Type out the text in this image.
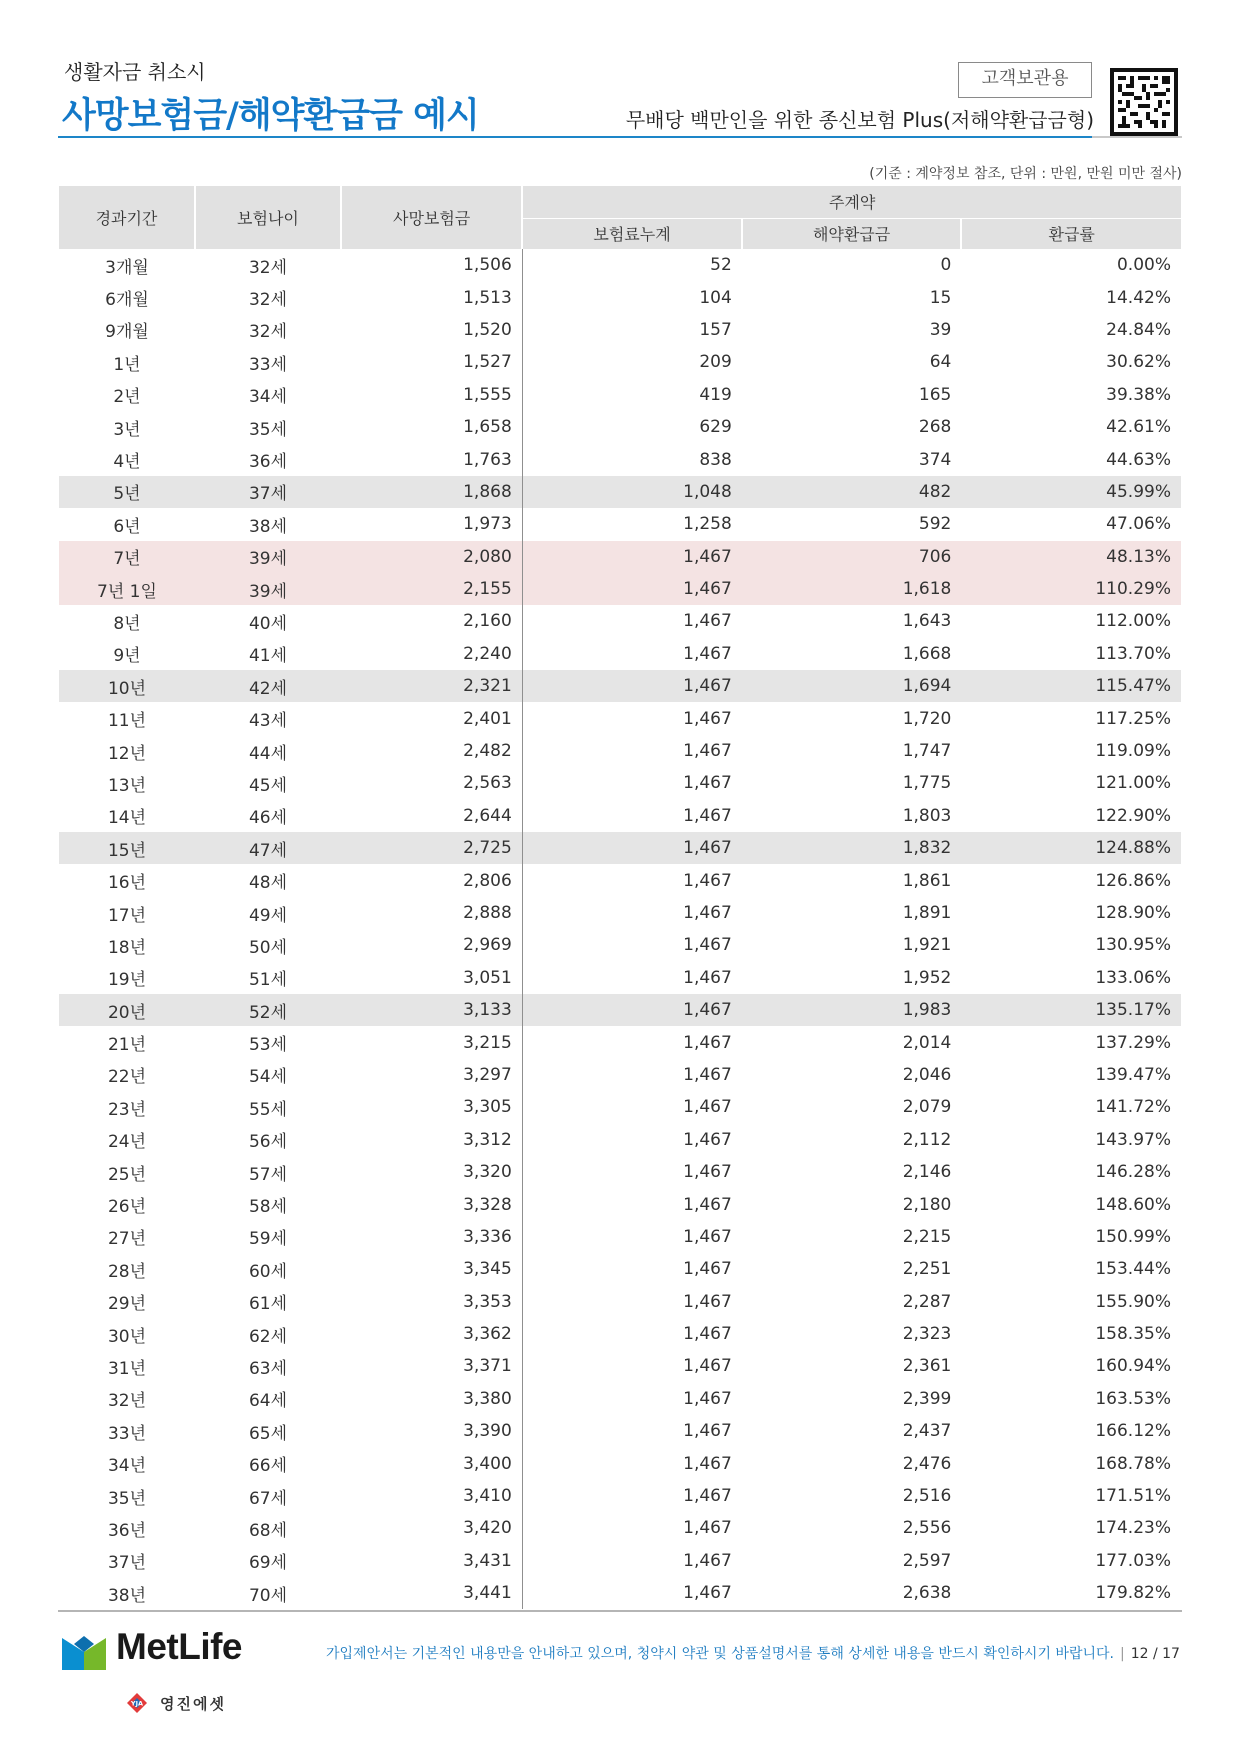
생활자금 취소시
사망보험금/해약환급금 예시
고객보관용
무배당 백만인을 위한 종신보험 Plus(저해약환급금형)
(기준 : 계약정보 참조, 단위 : 만원, 만원 미만 절사)
경과기간	보험나이	사망보험금	주계약		
			보험료누계	해약환급금	환급률
3개월	32세	1,506	52	0	0.00%
6개월	32세	1,513	104	15	14.42%
9개월	32세	1,520	157	39	24.84%
1년	33세	1,527	209	64	30.62%
2년	34세	1,555	419	165	39.38%
3년	35세	1,658	629	268	42.61%
4년	36세	1,763	838	374	44.63%
5년	37세	1,868	1,048	482	45.99%
6년	38세	1,973	1,258	592	47.06%
7년	39세	2,080	1,467	706	48.13%
7년 1일	39세	2,155	1,467	1,618	110.29%
8년	40세	2,160	1,467	1,643	112.00%
9년	41세	2,240	1,467	1,668	113.70%
10년	42세	2,321	1,467	1,694	115.47%
11년	43세	2,401	1,467	1,720	117.25%
12년	44세	2,482	1,467	1,747	119.09%
13년	45세	2,563	1,467	1,775	121.00%
14년	46세	2,644	1,467	1,803	122.90%
15년	47세	2,725	1,467	1,832	124.88%
16년	48세	2,806	1,467	1,861	126.86%
17년	49세	2,888	1,467	1,891	128.90%
18년	50세	2,969	1,467	1,921	130.95%
19년	51세	3,051	1,467	1,952	133.06%
20년	52세	3,133	1,467	1,983	135.17%
21년	53세	3,215	1,467	2,014	137.29%
22년	54세	3,297	1,467	2,046	139.47%
23년	55세	3,305	1,467	2,079	141.72%
24년	56세	3,312	1,467	2,112	143.97%
25년	57세	3,320	1,467	2,146	146.28%
26년	58세	3,328	1,467	2,180	148.60%
27년	59세	3,336	1,467	2,215	150.99%
28년	60세	3,345	1,467	2,251	153.44%
29년	61세	3,353	1,467	2,287	155.90%
30년	62세	3,362	1,467	2,323	158.35%
31년	63세	3,371	1,467	2,361	160.94%
32년	64세	3,380	1,467	2,399	163.53%
33년	65세	3,390	1,467	2,437	166.12%
34년	66세	3,400	1,467	2,476	168.78%
35년	67세	3,410	1,467	2,516	171.51%
36년	68세	3,420	1,467	2,556	174.23%
37년	69세	3,431	1,467	2,597	177.03%
38년	70세	3,441	1,467	2,638	179.82%
MetLife	가입제안서는 기본적인 내용만을 안내하고 있으며, 청약시 약관 및 상품설명서를 통해 상세한 내용을 반드시 확인하시기 바랍니다. | 12 / 17
YJA 영진에셋
